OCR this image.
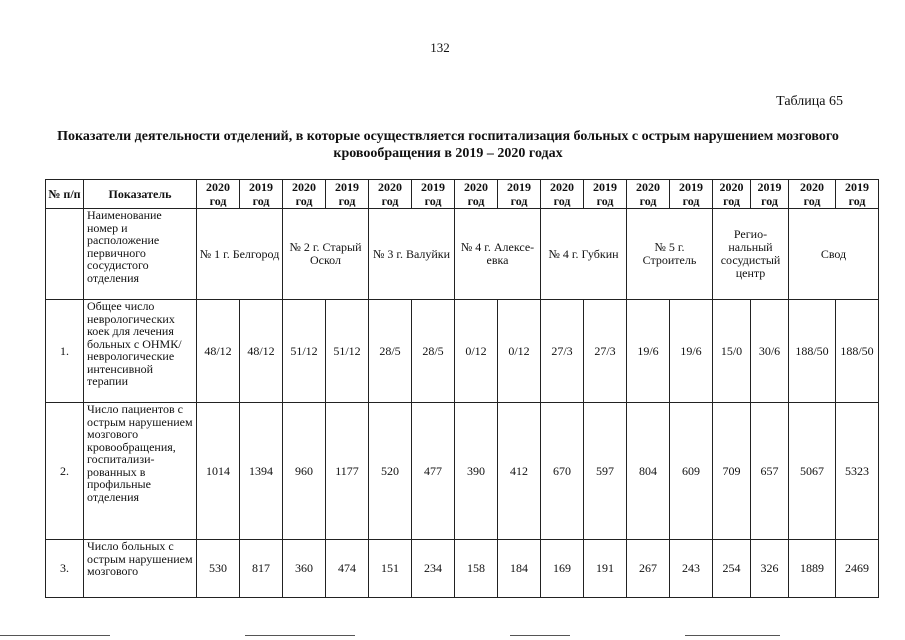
132
Таблица 65
Показатели деятельности отделений, в которые осуществляется госпитализация больных с острым нарушением мозгового кровообращения в 2019 – 2020 годах
№ п/п	Показатель	2020 год	2019 год	2020 год	2019 год	2020 год	2019 год	2020 год	2019 год	2020 год	2019 год	2020 год	2019 год	2020 год	2019 год	2020 год	2019 год
	Наименование номер и расположение первичного сосудистого отделения	№ 1 г. Белгород		№ 2 г. Старый Оскол		№ 3 г. Валуйки		№ 4 г. Алексе-евка		№ 4 г. Губкин		№ 5 г. Строитель		Регио-нальный сосудистый центр		Свод	
1.	Общее число неврологических коек для лечения больных с ОНМК/ неврологические интенсивной терапии	48/12	48/12	51/12	51/12	28/5	28/5	0/12	0/12	27/3	27/3	19/6	19/6	15/0	30/6	188/50	188/50
2.	Число пациентов с острым нарушением мозгового кровообращения, госпитализи-рованных в профильные отделения	1014	1394	960	1177	520	477	390	412	670	597	804	609	709	657	5067	5323
3.	Число больных с острым нарушением мозгового	530	817	360	474	151	234	158	184	169	191	267	243	254	326	1889	2469
